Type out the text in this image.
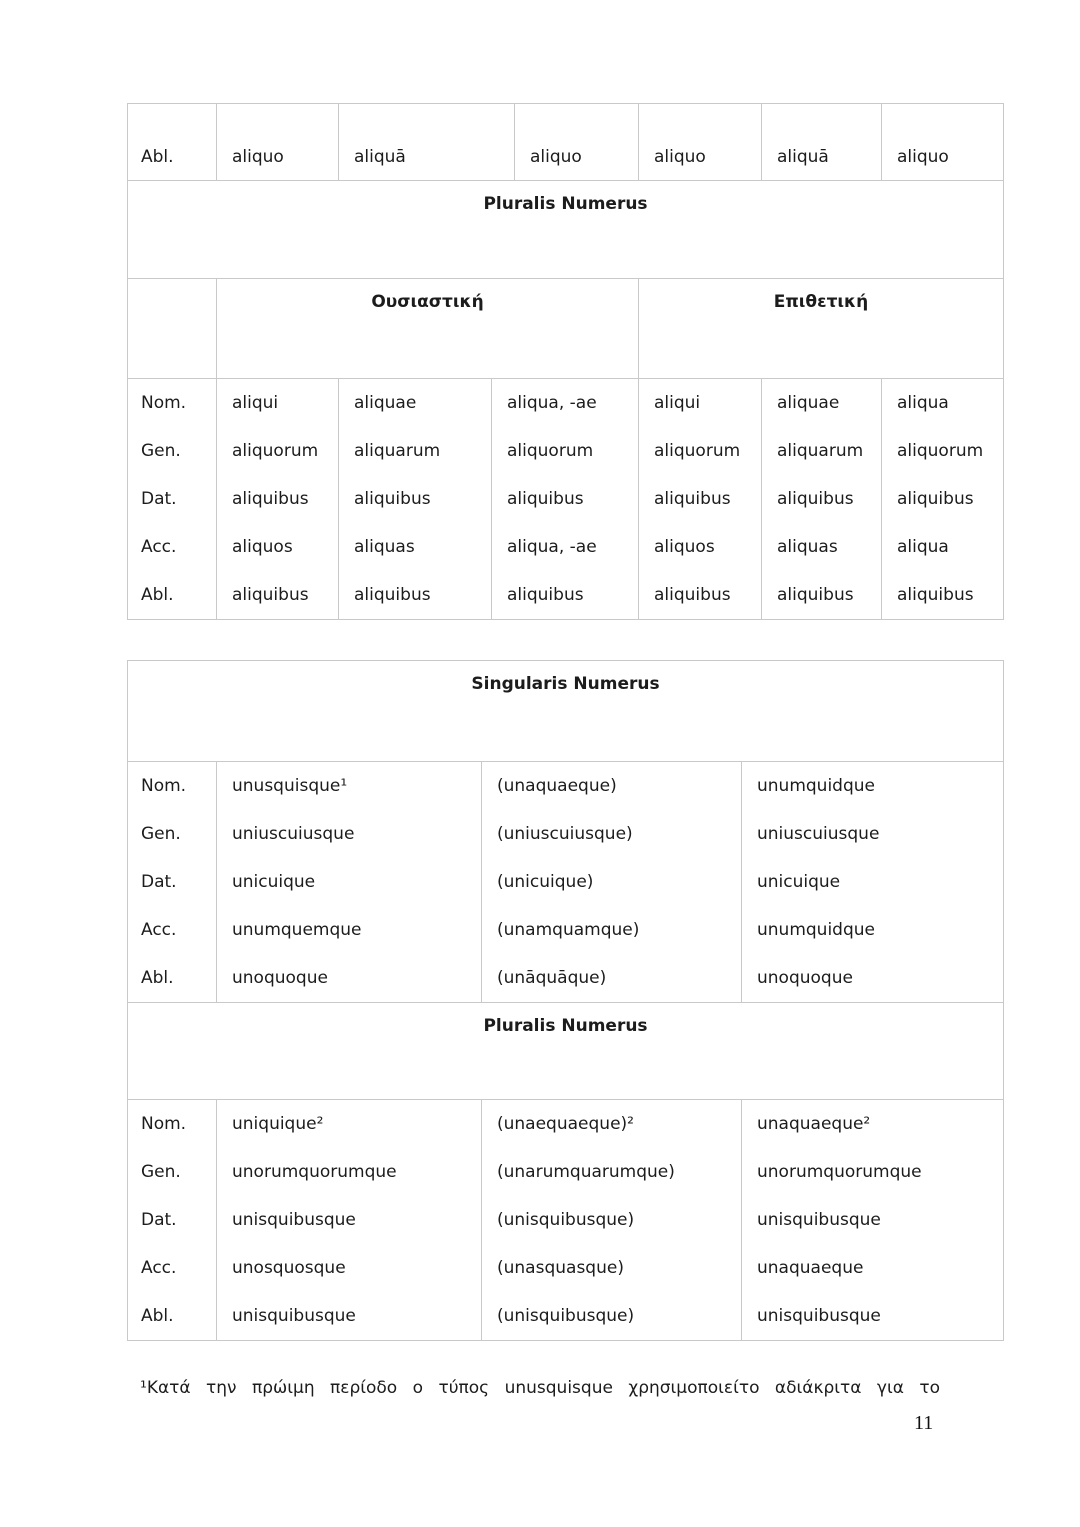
Abl.	aliquo	aliquā	aliquo	aliquo	aliquā	aliquo
Pluralis Numerus
Ουσιαστική	Επιθετική
Nom.	aliqui	aliquae	aliqua, -ae	aliqui	aliquae	aliqua
Gen.	aliquorum	aliquarum	aliquorum	aliquorum	aliquarum	aliquorum
Dat.	aliquibus	aliquibus	aliquibus	aliquibus	aliquibus	aliquibus
Acc.	aliquos	aliquas	aliqua, -ae	aliquos	aliquas	aliqua
Abl.	aliquibus	aliquibus	aliquibus	aliquibus	aliquibus	aliquibus
Singularis Numerus
Nom.	unusquisque¹	(unaquaeque)	unumquidque
Gen.	uniuscuiusque	(uniuscuiusque)	uniuscuiusque
Dat.	unicuique	(unicuique)	unicuique
Acc.	unumquemque	(unamquamque)	unumquidque
Abl.	unoquoque	(unāquāque)	unoquoque
Pluralis Numerus
Nom.	uniquique²	(unaequaeque)²	unaquaeque²
Gen.	unorumquorumque	(unarumquarumque)	unorumquorumque
Dat.	unisquibusque	(unisquibusque)	unisquibusque
Acc.	unosquosque	(unasquasque)	unaquaeque
Abl.	unisquibusque	(unisquibusque)	unisquibusque
¹Κατά την πρώιμη περίοδο ο τύπος unusquisque χρησιμοποιείτο αδιάκριτα για το
11
